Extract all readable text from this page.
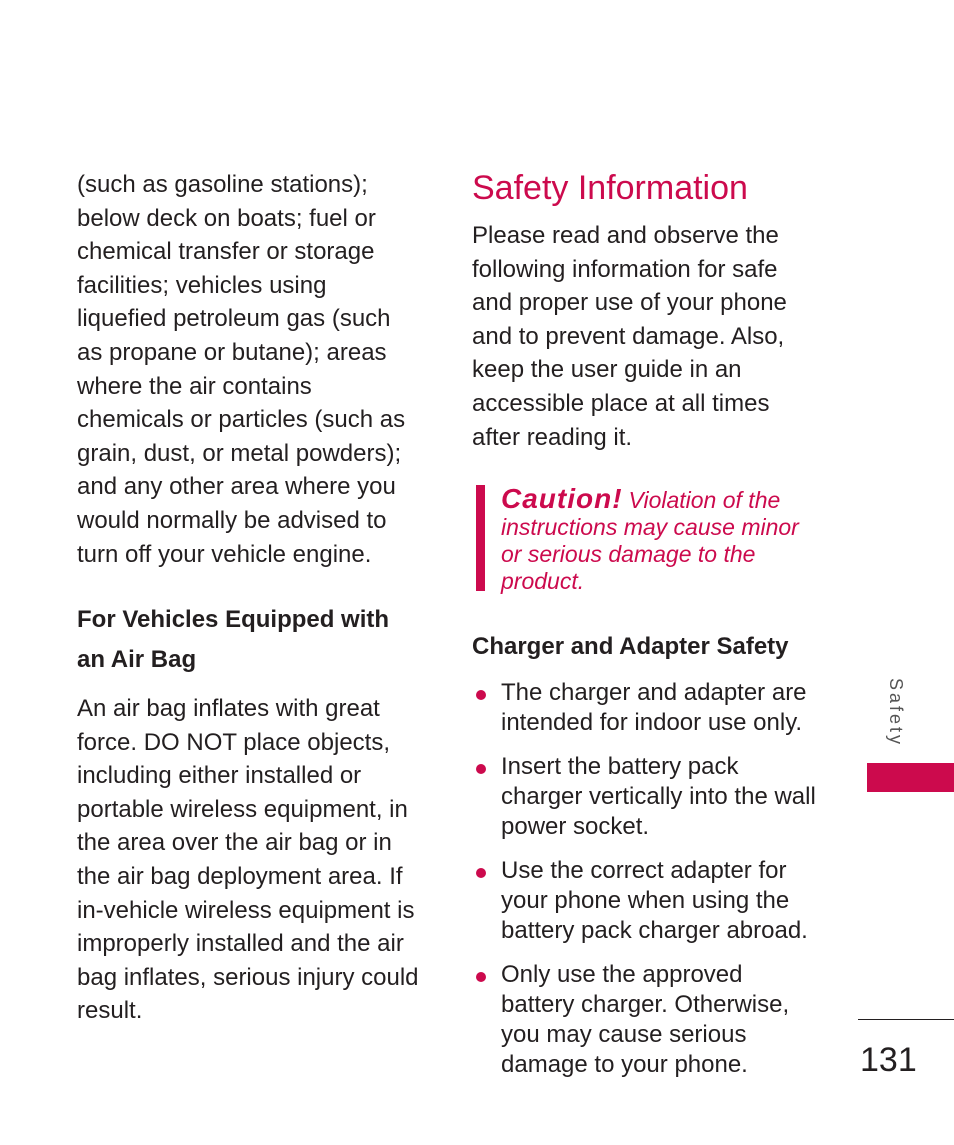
(such as gasoline stations); below deck on boats; fuel or chemical transfer or storage facilities; vehicles using liquefied petroleum gas (such as propane or butane); areas where the air contains chemicals or particles (such as grain, dust, or metal powders); and any other area where you would normally be advised to turn off your vehicle engine.

For Vehicles Equipped with an Air Bag

An air bag inflates with great force. DO NOT place objects, including either installed or portable wireless equipment, in the area over the air bag or in the air bag deployment area. If in-vehicle wireless equipment is improperly installed and the air bag inflates, serious injury could result.

Safety Information

Please read and observe the following information for safe and proper use of your phone and to prevent damage. Also, keep the user guide in an accessible place at all times after reading it.

Caution! Violation of the instructions may cause minor or serious damage to the product.

Charger and Adapter Safety
The charger and adapter are intended for indoor use only.
Insert the battery pack charger vertically into the wall power socket.
Use the correct adapter for your phone when using the battery pack charger abroad.
Only use the approved battery charger. Otherwise, you may cause serious damage to your phone.

Safety

131
